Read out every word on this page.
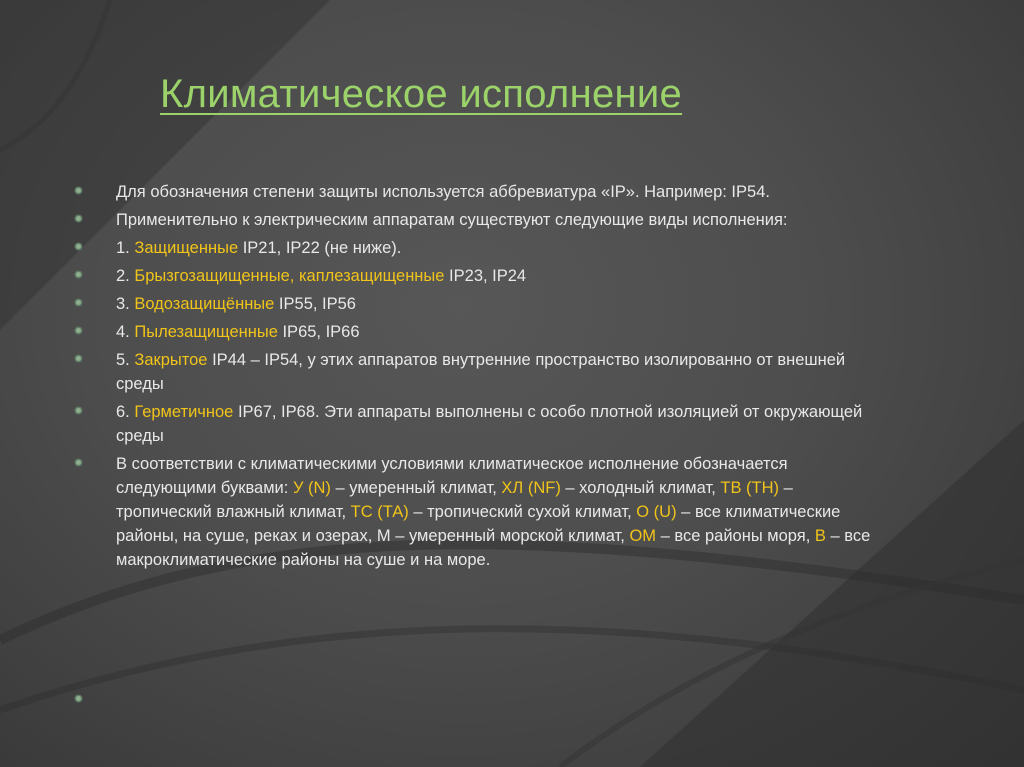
Климатическое исполнение
Для обозначения степени защиты используется аббревиатура «IP». Например: IP54.
Применительно к электрическим аппаратам существуют следующие виды исполнения:
1. Защищенные IP21, IP22 (не ниже).
2. Брызгозащищенные, каплезащищенные IP23, IP24
3. Водозащищённые IP55, IP56
4. Пылезащищенные IP65, IP66
5. Закрытое IP44 – IP54, у этих аппаратов внутренние пространство изолированно от внешней среды
6. Герметичное IP67, IP68. Эти аппараты выполнены с особо плотной изоляцией от окружающей среды
В соответствии с климатическими условиями климатическое исполнение обозначается следующими буквами: У (N) – умеренный климат, ХЛ (NF) – холодный климат, ТВ (ТН) – тропический влажный климат, ТС (ТА) – тропический сухой климат, О (U) – все климатические районы, на суше, реках и озерах, М – умеренный морской климат, ОМ – все районы моря, В – все макроклиматические районы на суше и на море.
